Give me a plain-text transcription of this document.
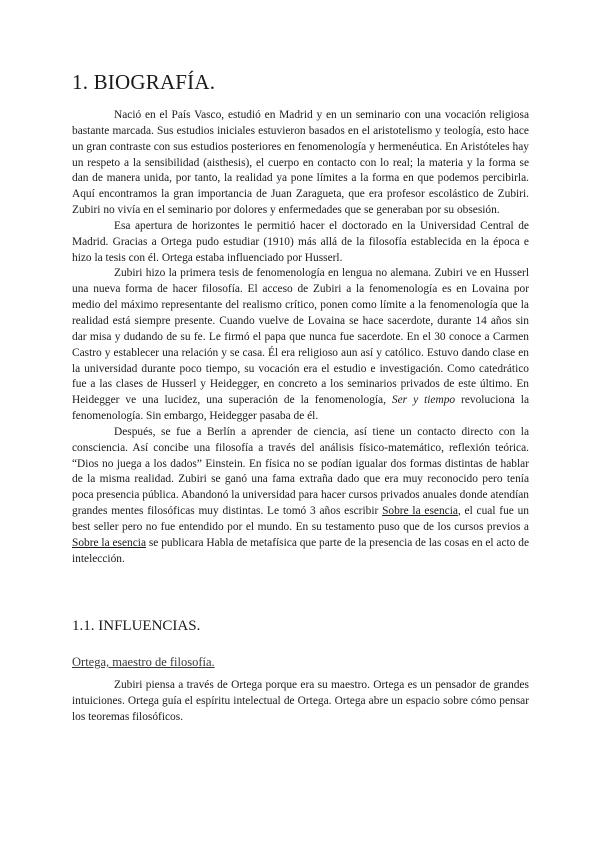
1. BIOGRAFÍA.

Nació en el País Vasco, estudió en Madrid y en un seminario con una vocación religiosa bastante marcada. Sus estudios iniciales estuvieron basados en el aristotelismo y teología, esto hace un gran contraste con sus estudios posteriores en fenomenología y hermenéutica. En Aristóteles hay un respeto a la sensibilidad (aisthesis), el cuerpo en contacto con lo real; la materia y la forma se dan de manera unida, por tanto, la realidad ya pone límites a la forma en que podemos percibirla. Aquí encontramos la gran importancia de Juan Zaragueta, que era profesor escolástico de Zubiri. Zubiri no vivía en el seminario por dolores y enfermedades que se generaban por su obsesión.

Esa apertura de horizontes le permitió hacer el doctorado en la Universidad Central de Madrid. Gracias a Ortega pudo estudiar (1910) más allá de la filosofía establecida en la época e hizo la tesis con él. Ortega estaba influenciado por Husserl.

Zubiri hizo la primera tesis de fenomenología en lengua no alemana. Zubiri ve en Husserl una nueva forma de hacer filosofía. El acceso de Zubiri a la fenomenología es en Lovaina por medio del máximo representante del realismo crítico, ponen como límite a la fenomenología que la realidad está siempre presente. Cuando vuelve de Lovaina se hace sacerdote, durante 14 años sin dar misa y dudando de su fe. Le firmó el papa que nunca fue sacerdote. En el 30 conoce a Carmen Castro y establecer una relación y se casa. Él era religioso aun así y católico. Estuvo dando clase en la universidad durante poco tiempo, su vocación era el estudio e investigación. Como catedrático fue a las clases de Husserl y Heidegger, en concreto a los seminarios privados de este último. En Heidegger ve una lucidez, una superación de la fenomenología, Ser y tiempo revoluciona la fenomenología. Sin embargo, Heidegger pasaba de él.

Después, se fue a Berlín a aprender de ciencia, así tiene un contacto directo con la consciencia. Así concibe una filosofía a través del análisis físico-matemático, reflexión teórica. “Dios no juega a los dados” Einstein. En física no se podían igualar dos formas distintas de hablar de la misma realidad. Zubiri se ganó una fama extraña dado que era muy reconocido pero tenía poca presencia pública. Abandonó la universidad para hacer cursos privados anuales donde atendían grandes mentes filosóficas muy distintas. Le tomó 3 años escribir Sobre la esencia, el cual fue un best seller pero no fue entendido por el mundo. En su testamento puso que de los cursos previos a Sobre la esencia se publicara Habla de metafísica que parte de la presencia de las cosas en el acto de intelección.

1.1. INFLUENCIAS.
Ortega, maestro de filosofía.

Zubiri piensa a través de Ortega porque era su maestro. Ortega es un pensador de grandes intuiciones. Ortega guía el espíritu intelectual de Ortega. Ortega abre un espacio sobre cómo pensar los teoremas filosóficos.
